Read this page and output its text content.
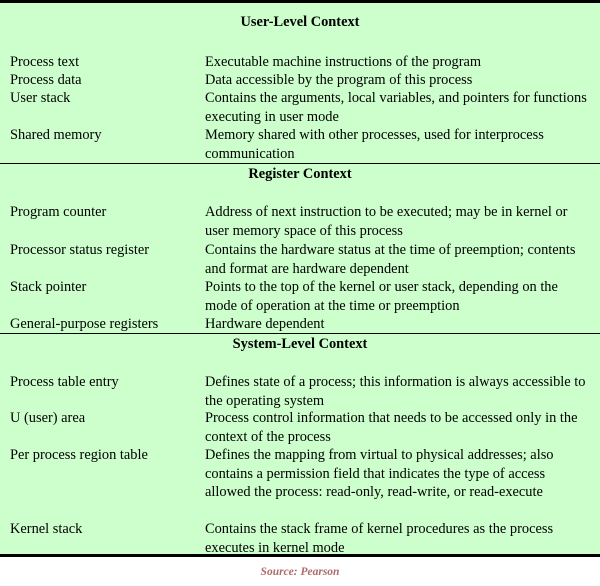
User-Level Context
Process text	Executable machine instructions of the program
Process data	Data accessible by the program of this process
User stack	Contains the arguments, local variables, and pointers for functions executing in user mode
Shared memory	Memory shared with other processes, used for interprocess communication
Register Context
Program counter	Address of next instruction to be executed; may be in kernel or user memory space of this process
Processor status register	Contains the hardware status at the time of preemption; contents and format are hardware dependent
Stack pointer	Points to the top of the kernel or user stack, depending on the mode of operation at the time or preemption
General-purpose registers	Hardware dependent
System-Level Context
Process table entry	Defines state of a process; this information is always accessible to the operating system
U (user) area	Process control information that needs to be accessed only in the context of the process
Per process region table	Defines the mapping from virtual to physical addresses; also contains a permission field that indicates the type of access allowed the process: read-only, read-write, or read-execute
Kernel stack	Contains the stack frame of kernel procedures as the process executes in kernel mode
Source: Pearson
